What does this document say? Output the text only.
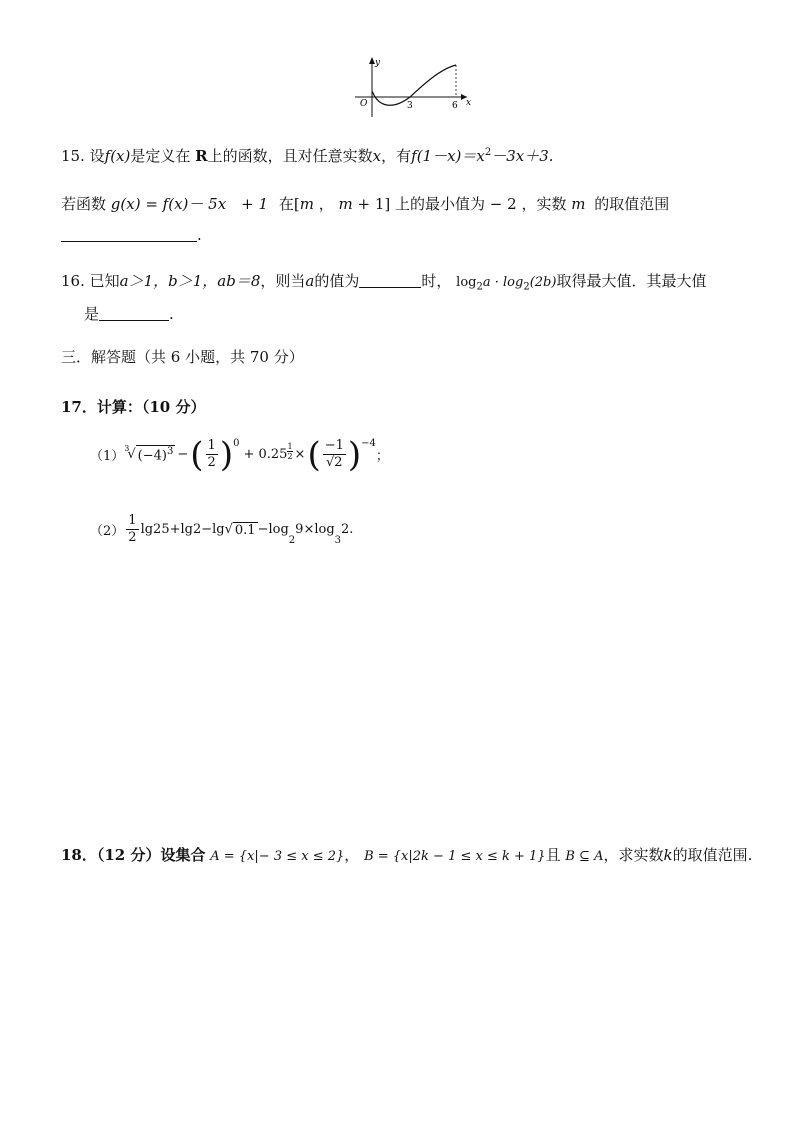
y
x
O	3	6
15. 设f(x)是定义在 R上的函数，且对任意实数x，有$f(1-x)=x^2-3x+3$.
若函数 g(x) = f(x)－ 5x　+ 1 在[m ， m + 1] 上的最小值为 − 2 ，实数 m 的取值范围
.
16. 已知a＞1，b＞1，ab＝8，则当a的值为	时， $\log_2a \cdot \log_2(2b)$取得最大值．其最大值
是	.
三．解答题（共 6 小题，共 70 分）
17．计算：（10 分）
（1）
$^3$
√ $(-4)^3$ − ( $\frac{1}{2} )^0$
+ $0.25 \frac{1}{2}$ × ( $\frac{-1}{√2} )^{-4}$
；
$(2) \frac{1}{2} \lg 25+\lg 2-\lg$ √ 0.1 −log
$_2$
9×log
$_3$
2.
18．（12 分）设集合 A = {x|− 3 ≤ x ≤ 2}， B = {x|2k − 1 ≤ x ≤ k + 1}且 B ⊆ A，求实数k的取值范围.
